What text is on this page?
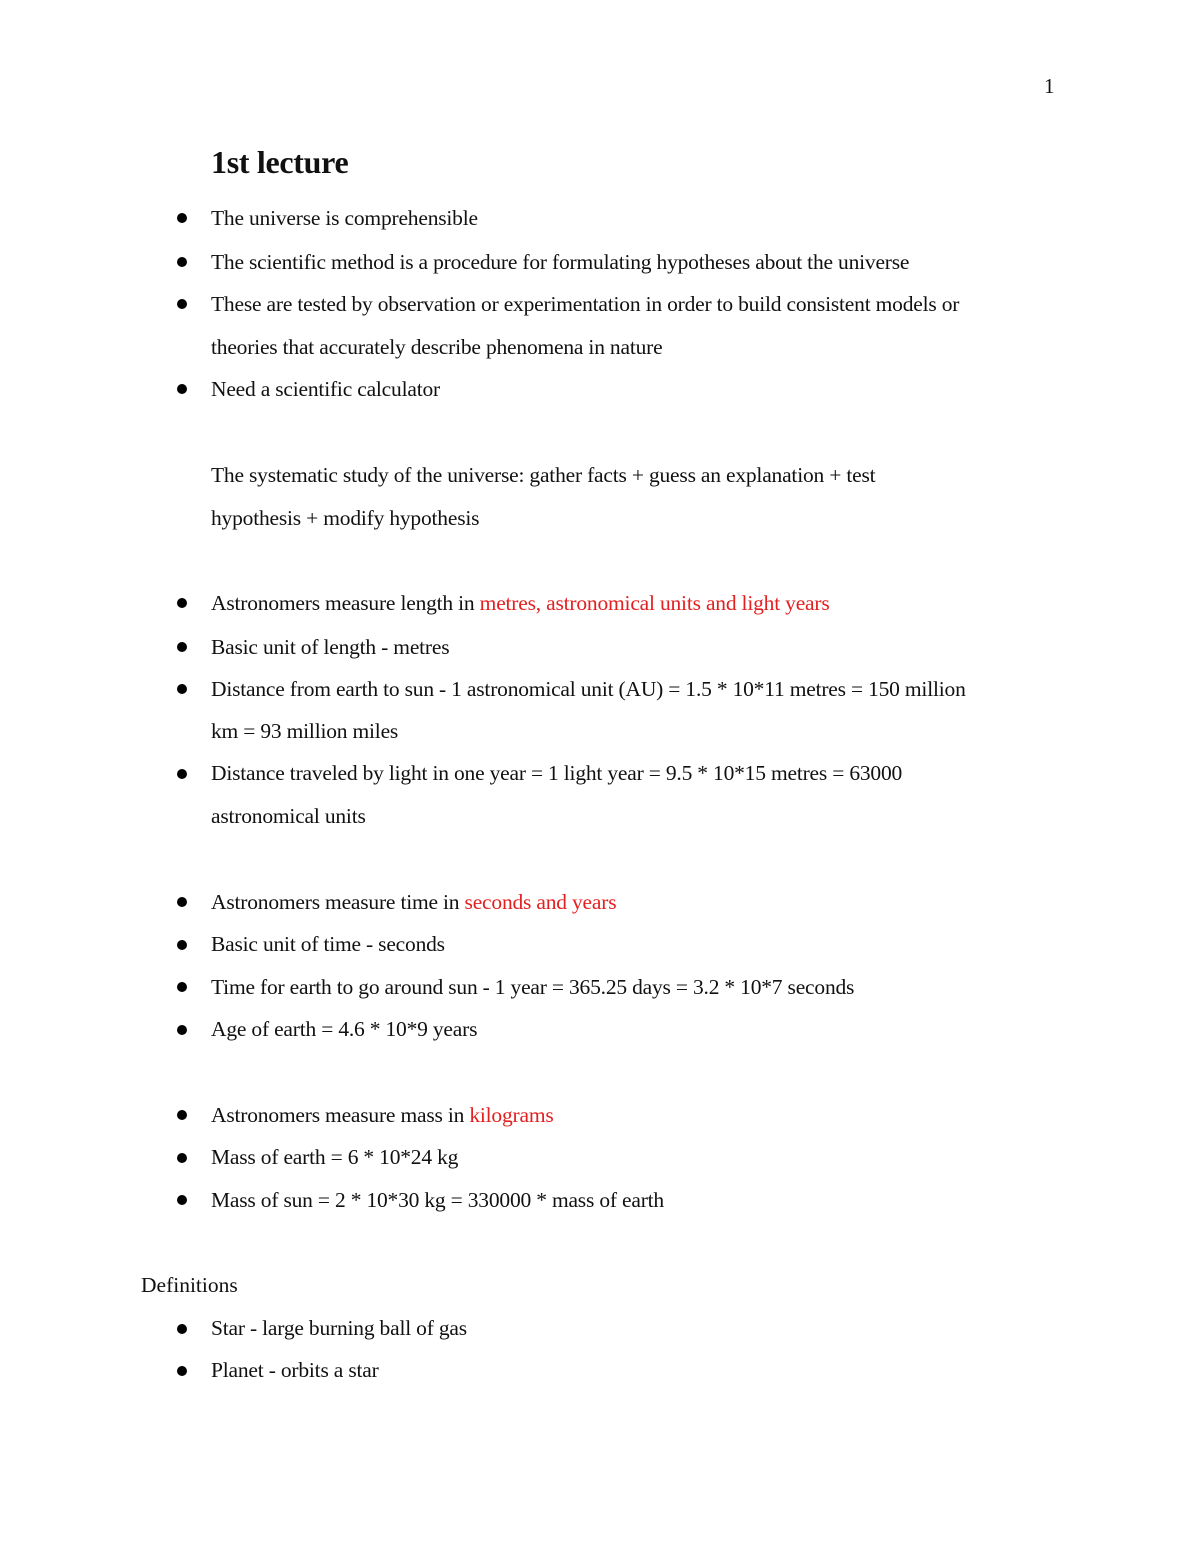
1
1st lecture
The universe is comprehensible
The scientific method is a procedure for formulating hypotheses about the universe
These are tested by observation or experimentation in order to build consistent models or
theories that accurately describe phenomena in nature
Need a scientific calculator
The systematic study of the universe: gather facts + guess an explanation + test
hypothesis + modify hypothesis
Astronomers measure length in metres, astronomical units and light years
Basic unit of length - metres
Distance from earth to sun - 1 astronomical unit (AU) = 1.5 * 10*11 metres = 150 million
km = 93 million miles
Distance traveled by light in one year = 1 light year = 9.5 * 10*15 metres = 63000
astronomical units
Astronomers measure time in seconds and years
Basic unit of time - seconds
Time for earth to go around sun - 1 year = 365.25 days = 3.2 * 10*7 seconds
Age of earth = 4.6 * 10*9 years
Astronomers measure mass in kilograms
Mass of earth = 6 * 10*24 kg
Mass of sun = 2 * 10*30 kg = 330000 * mass of earth
Definitions
Star - large burning ball of gas
Planet - orbits a star
